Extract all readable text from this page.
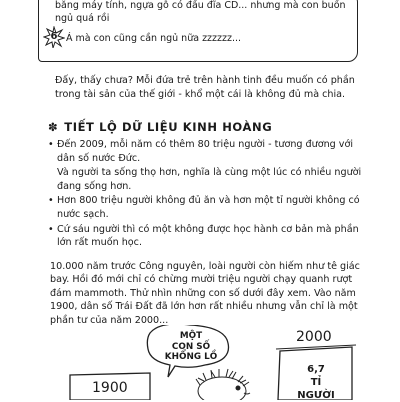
băng máy tính, ngựa gỗ có đầu đĩa CD... nhưng mà con buồn
ngủ quá rồi
6 Á mà con cũng cần ngủ nữa zzzzzz...
Đấy, thấy chưa? Mỗi đứa trẻ trên hành tinh đều muốn có phần trong tài sản của thế giới - khổ một cái là không đủ mà chia.
✽ TIẾT LỘ DỮ LIỆU KINH HOÀNG
• Đến 2009, mỗi năm có thêm 80 triệu người - tương đương với dân số nước Đức.
Và người ta sống thọ hơn, nghĩa là cùng một lúc có nhiều người đang sống hơn.
• Hơn 800 triệu người không đủ ăn và hơn một tỉ người không có nước sạch.
• Cứ sáu người thì có một không được học hành cơ bản mà phần lớn rất muốn học.
10.000 năm trước Công nguyên, loài người còn hiếm như tê giác bay. Hồi đó mới chỉ có chừng mười triệu người chạy quanh rượt đám mammoth. Thử nhìn những con số dưới đây xem. Vào năm 1900, dân số Trái Đất đã lớn hơn rất nhiều nhưng vẫn chỉ là một phần tư của năm 2000...
MỘT
CON SỐ
KHỔNG LỒ
1900
2000
6,7
TỈ
NGƯỜI
